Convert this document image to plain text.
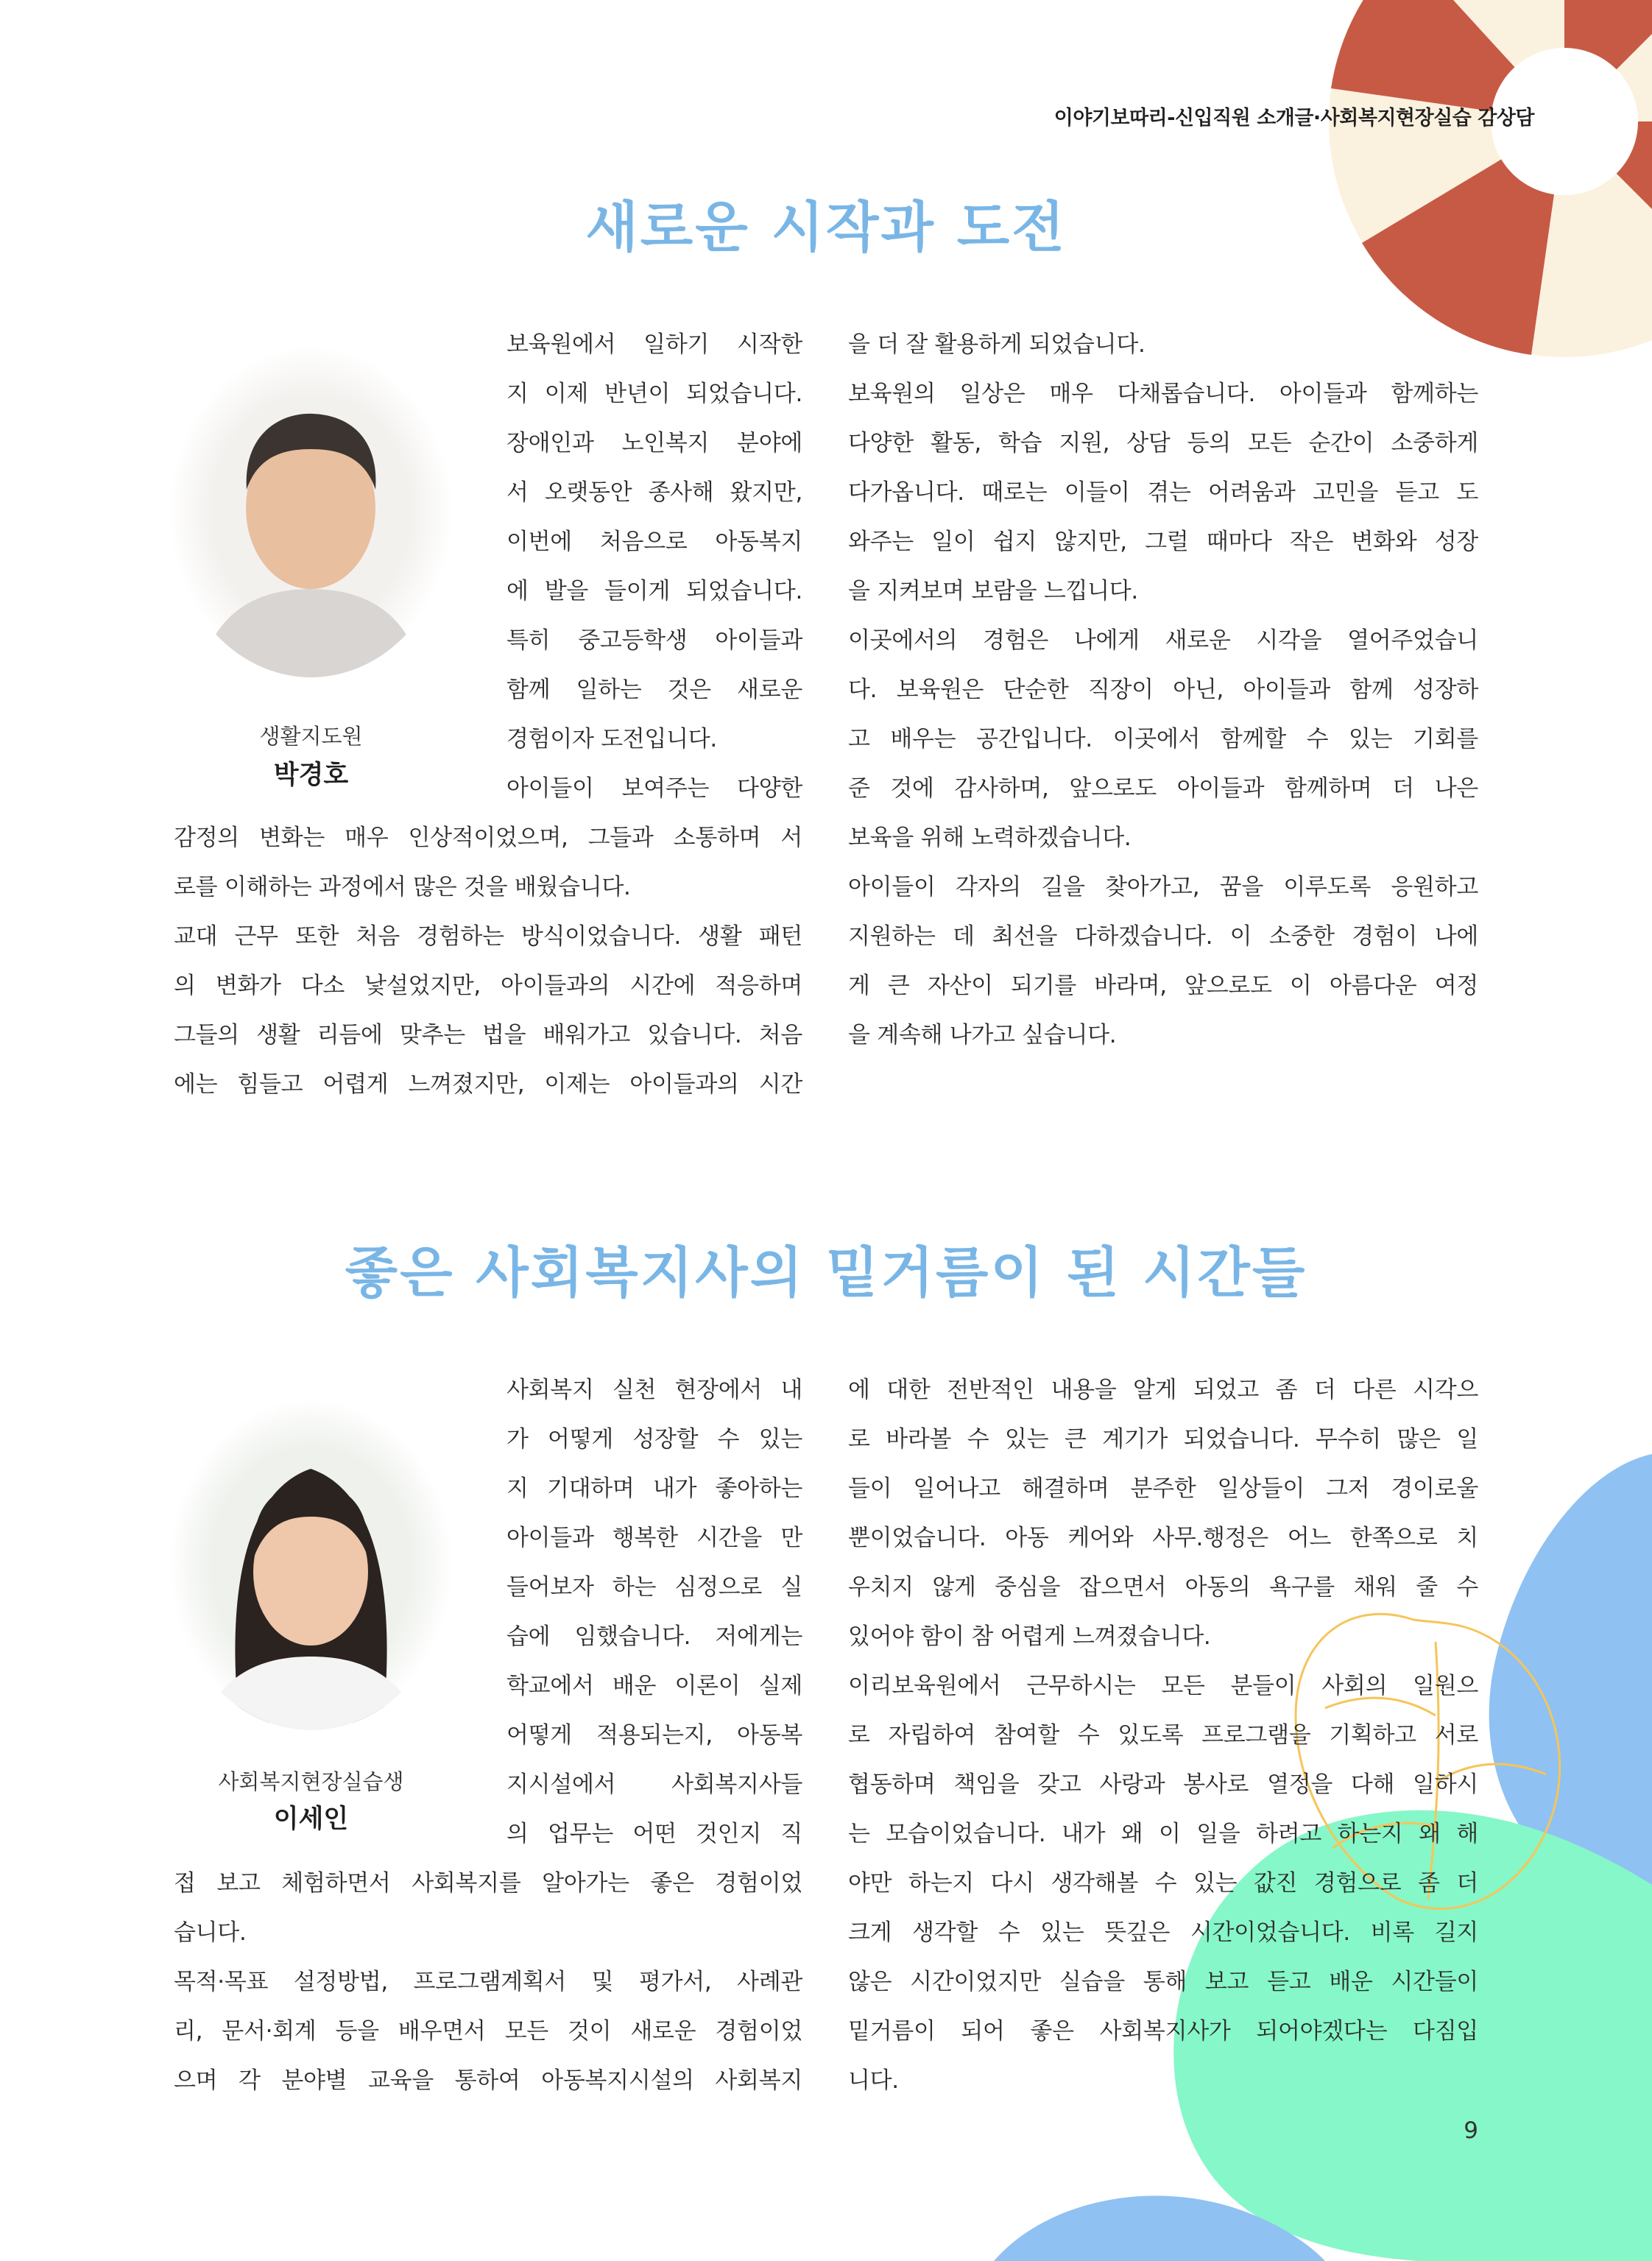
이야기보따리-신입직원 소개글·사회복지현장실습 감상담
새로운 시작과 도전
생활지도원
박경호
보육원에서 일하기 시작한
지 이제 반년이 되었습니다.
장애인과 노인복지 분야에
서 오랫동안 종사해 왔지만,
이번에 처음으로 아동복지
에 발을 들이게 되었습니다.
특히 중고등학생 아이들과
함께 일하는 것은 새로운
경험이자 도전입니다.
아이들이 보여주는 다양한
감정의 변화는 매우 인상적이었으며, 그들과 소통하며 서
로를 이해하는 과정에서 많은 것을 배웠습니다.
교대 근무 또한 처음 경험하는 방식이었습니다. 생활 패턴
의 변화가 다소 낯설었지만, 아이들과의 시간에 적응하며
그들의 생활 리듬에 맞추는 법을 배워가고 있습니다. 처음
에는 힘들고 어렵게 느껴졌지만, 이제는 아이들과의 시간
을 더 잘 활용하게 되었습니다.
보육원의 일상은 매우 다채롭습니다. 아이들과 함께하는
다양한 활동, 학습 지원, 상담 등의 모든 순간이 소중하게
다가옵니다. 때로는 이들이 겪는 어려움과 고민을 듣고 도
와주는 일이 쉽지 않지만, 그럴 때마다 작은 변화와 성장
을 지켜보며 보람을 느낍니다.
이곳에서의 경험은 나에게 새로운 시각을 열어주었습니
다. 보육원은 단순한 직장이 아닌, 아이들과 함께 성장하
고 배우는 공간입니다. 이곳에서 함께할 수 있는 기회를
준 것에 감사하며, 앞으로도 아이들과 함께하며 더 나은
보육을 위해 노력하겠습니다.
아이들이 각자의 길을 찾아가고, 꿈을 이루도록 응원하고
지원하는 데 최선을 다하겠습니다. 이 소중한 경험이 나에
게 큰 자산이 되기를 바라며, 앞으로도 이 아름다운 여정
을 계속해 나가고 싶습니다.
좋은 사회복지사의 밑거름이 된 시간들
사회복지현장실습생
이세인
사회복지 실천 현장에서 내
가 어떻게 성장할 수 있는
지 기대하며 내가 좋아하는
아이들과 행복한 시간을 만
들어보자 하는 심정으로 실
습에 임했습니다. 저에게는
학교에서 배운 이론이 실제
어떻게 적용되는지, 아동복
지시설에서 사회복지사들
의 업무는 어떤 것인지 직
접 보고 체험하면서 사회복지를 알아가는 좋은 경험이었
습니다.
목적·목표 설정방법, 프로그램계획서 및 평가서, 사례관
리, 문서·회계 등을 배우면서 모든 것이 새로운 경험이었
으며 각 분야별 교육을 통하여 아동복지시설의 사회복지
에 대한 전반적인 내용을 알게 되었고 좀 더 다른 시각으
로 바라볼 수 있는 큰 계기가 되었습니다. 무수히 많은 일
들이 일어나고 해결하며 분주한 일상들이 그저 경이로울
뿐이었습니다. 아동 케어와 사무.행정은 어느 한쪽으로 치
우치지 않게 중심을 잡으면서 아동의 욕구를 채워 줄 수
있어야 함이 참 어렵게 느껴졌습니다.
이리보육원에서 근무하시는 모든 분들이 사회의 일원으
로 자립하여 참여할 수 있도록 프로그램을 기획하고 서로
협동하며 책임을 갖고 사랑과 봉사로 열정을 다해 일하시
는 모습이었습니다. 내가 왜 이 일을 하려고 하는지 왜 해
야만 하는지 다시 생각해볼 수 있는 값진 경험으로 좀 더
크게 생각할 수 있는 뜻깊은 시간이었습니다. 비록 길지
않은 시간이었지만 실습을 통해 보고 듣고 배운 시간들이
밑거름이 되어 좋은 사회복지사가 되어야겠다는 다짐입
니다.
9
